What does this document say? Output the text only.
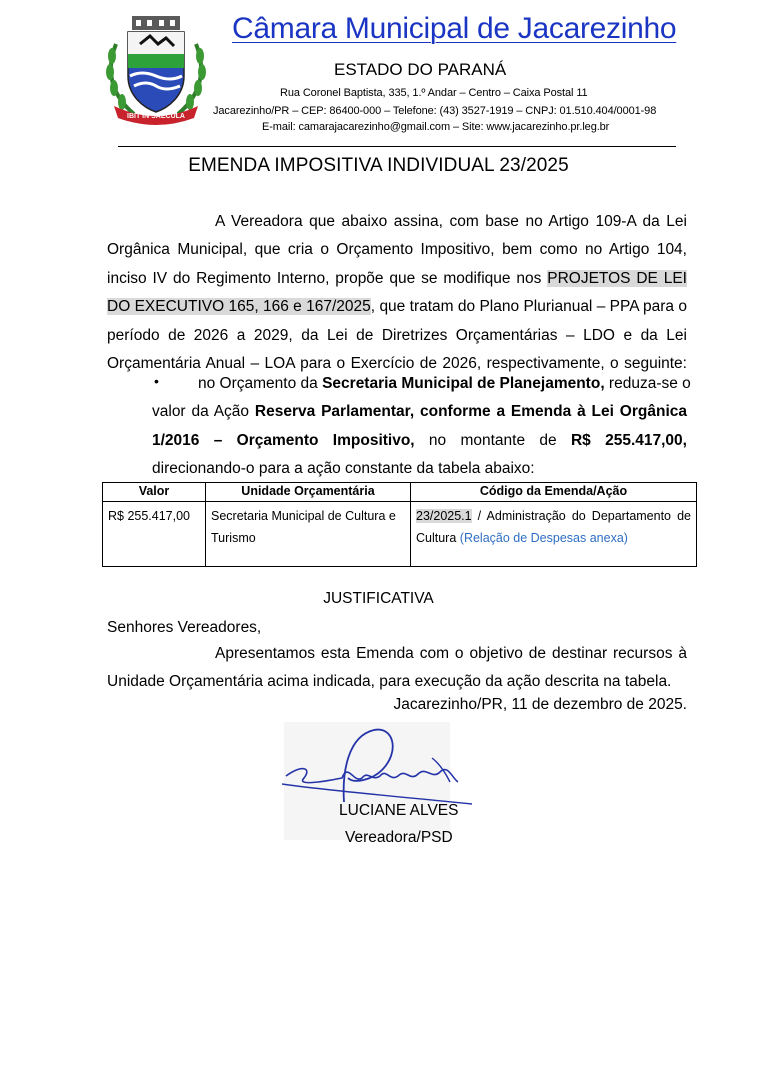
IBIT IN SAECULA
Câmara Municipal de Jacarezinho
ESTADO DO PARANÁ
Rua Coronel Baptista, 335, 1.º Andar – Centro – Caixa Postal 11
Jacarezinho/PR – CEP: 86400-000 – Telefone: (43) 3527-1919 – CNPJ: 01.510.404/0001-98
E-mail: camarajacarezinho@gmail.com – Site: www.jacarezinho.pr.leg.br
EMENDA IMPOSITIVA INDIVIDUAL 23/2025
A Vereadora que abaixo assina, com base no Artigo 109-A da Lei
Orgânica Municipal, que cria o Orçamento Impositivo, bem como no Artigo 104,
inciso IV do Regimento Interno, propõe que se modifique nos PROJETOS DE LEI
DO EXECUTIVO 165, 166 e 167/2025, que tratam do Plano Plurianual – PPA para o
período de 2026 a 2029, da Lei de Diretrizes Orçamentárias – LDO e da Lei
Orçamentária Anual – LOA para o Exercício de 2026, respectivamente, o seguinte:
•	no Orçamento da Secretaria Municipal de Planejamento, reduza-se o
valor da Ação Reserva Parlamentar, conforme a Emenda à Lei Orgânica
1/2016 – Orçamento Impositivo, no montante de R$ 255.417,00,
direcionando-o para a ação constante da tabela abaixo:
Valor	Unidade Orçamentária	Código da Emenda/Ação
R$ 255.417,00	Secretaria Municipal de Cultura e Turismo	23/2025.1 / Administração do Departamento de Cultura (Relação de Despesas anexa)
JUSTIFICATIVA
Senhores Vereadores,
Apresentamos esta Emenda com o objetivo de destinar recursos à
Unidade Orçamentária acima indicada, para execução da ação descrita na tabela.
Jacarezinho/PR, 11 de dezembro de 2025.
LUCIANE ALVES
Vereadora/PSD
